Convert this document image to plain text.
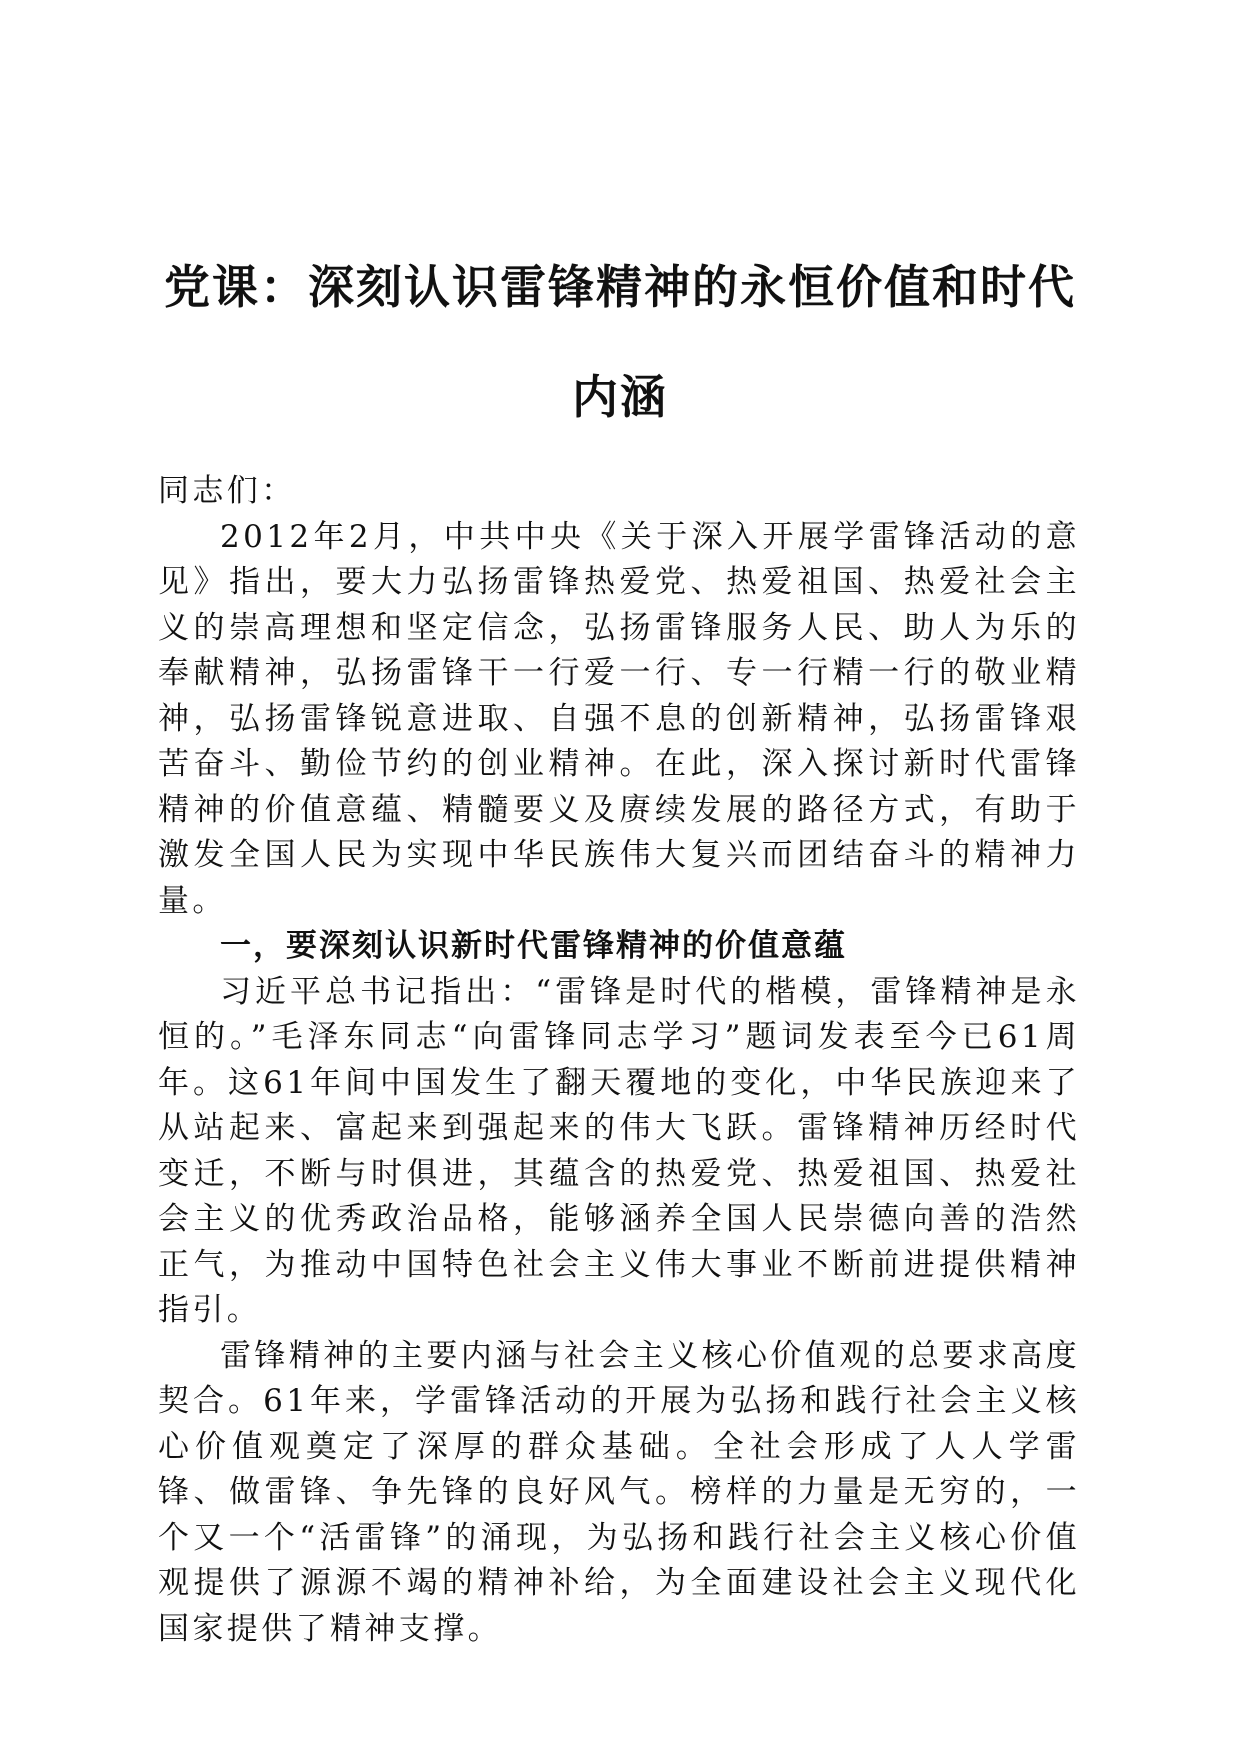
党课：深刻认识雷锋精神的永恒价值和时代内涵

同志们：

2012年2月，中共中央《关于深入开展学雷锋活动的意见》指出，要大力弘扬雷锋热爱党、热爱祖国、热爱社会主义的崇高理想和坚定信念，弘扬雷锋服务人民、助人为乐的奉献精神，弘扬雷锋干一行爱一行、专一行精一行的敬业精神，弘扬雷锋锐意进取、自强不息的创新精神，弘扬雷锋艰苦奋斗、勤俭节约的创业精神。在此，深入探讨新时代雷锋精神的价值意蕴、精髓要义及赓续发展的路径方式，有助于激发全国人民为实现中华民族伟大复兴而团结奋斗的精神力量。

一，要深刻认识新时代雷锋精神的价值意蕴

习近平总书记指出：“雷锋是时代的楷模，雷锋精神是永恒的。”毛泽东同志“向雷锋同志学习”题词发表至今已61周年。这61年间中国发生了翻天覆地的变化，中华民族迎来了从站起来、富起来到强起来的伟大飞跃。雷锋精神历经时代变迁，不断与时俱进，其蕴含的热爱党、热爱祖国、热爱社会主义的优秀政治品格，能够涵养全国人民崇德向善的浩然正气，为推动中国特色社会主义伟大事业不断前进提供精神指引。

雷锋精神的主要内涵与社会主义核心价值观的总要求高度契合。61年来，学雷锋活动的开展为弘扬和践行社会主义核心价值观奠定了深厚的群众基础。全社会形成了人人学雷锋、做雷锋、争先锋的良好风气。榜样的力量是无穷的，一个又一个“活雷锋”的涌现，为弘扬和践行社会主义核心价值观提供了源源不竭的精神补给，为全面建设社会主义现代化国家提供了精神支撑。
